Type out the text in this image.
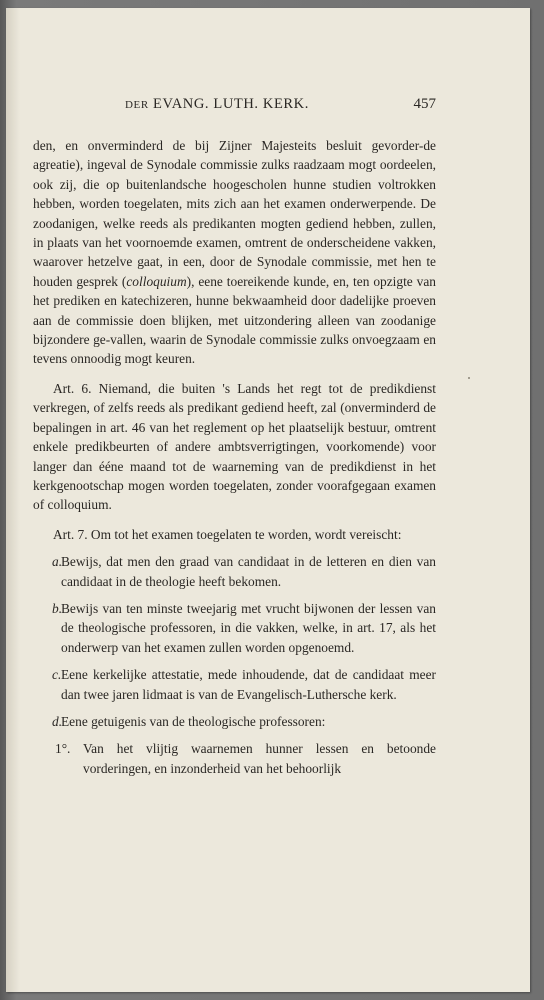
DER EVANG. LUTH. KERK.	457

den, en onverminderd de bij Zijner Majesteits besluit gevorder-de agreatie), ingeval de Synodale commissie zulks raadzaam mogt oordeelen, ook zij, die op buitenlandsche hoogescholen hunne studien voltrokken hebben, worden toegelaten, mits zich aan het examen onderwerpende. De zoodanigen, welke reeds als predikanten mogten gediend hebben, zullen, in plaats van het voornoemde examen, omtrent de onderscheidene vakken, waarover hetzelve gaat, in een, door de Synodale commissie, met hen te houden gesprek (colloquium), eene toereikende kunde, en, ten opzigte van het prediken en katechizeren, hunne bekwaamheid door dadelijke proeven aan de commissie doen blijken, met uitzondering alleen van zoodanige bijzondere ge-vallen, waarin de Synodale commissie zulks onvoegzaam en tevens onnoodig mogt keuren.

Art. 6. Niemand, die buiten 's Lands het regt tot de predikdienst verkregen, of zelfs reeds als predikant gediend heeft, zal (onverminderd de bepalingen in art. 46 van het reglement op het plaatselijk bestuur, omtrent enkele predikbeurten of andere ambtsverrigtingen, voorkomende) voor langer dan ééne maand tot de waarneming van de predikdienst in het kerkgenootschap mogen worden toegelaten, zonder voorafgegaan examen of colloquium.

Art. 7. Om tot het examen toegelaten te worden, wordt vereischt:

a.
Bewijs, dat men den graad van candidaat in de letteren en dien van candidaat in de theologie heeft bekomen.
b.
Bewijs van ten minste tweejarig met vrucht bijwonen der lessen van de theologische professoren, in die vakken, welke, in art. 17, als het onderwerp van het examen zullen worden opgenoemd.
c. Eene kerkelijke attestatie, mede inhoudende, dat de candidaat meer dan twee jaren lidmaat is van de Evangelisch-Luthersche kerk.
d.
Eene getuigenis van de theologische professoren:
1°. Van het vlijtig waarnemen hunner lessen en betoonde vorderingen, en inzonderheid van het behoorlijk
